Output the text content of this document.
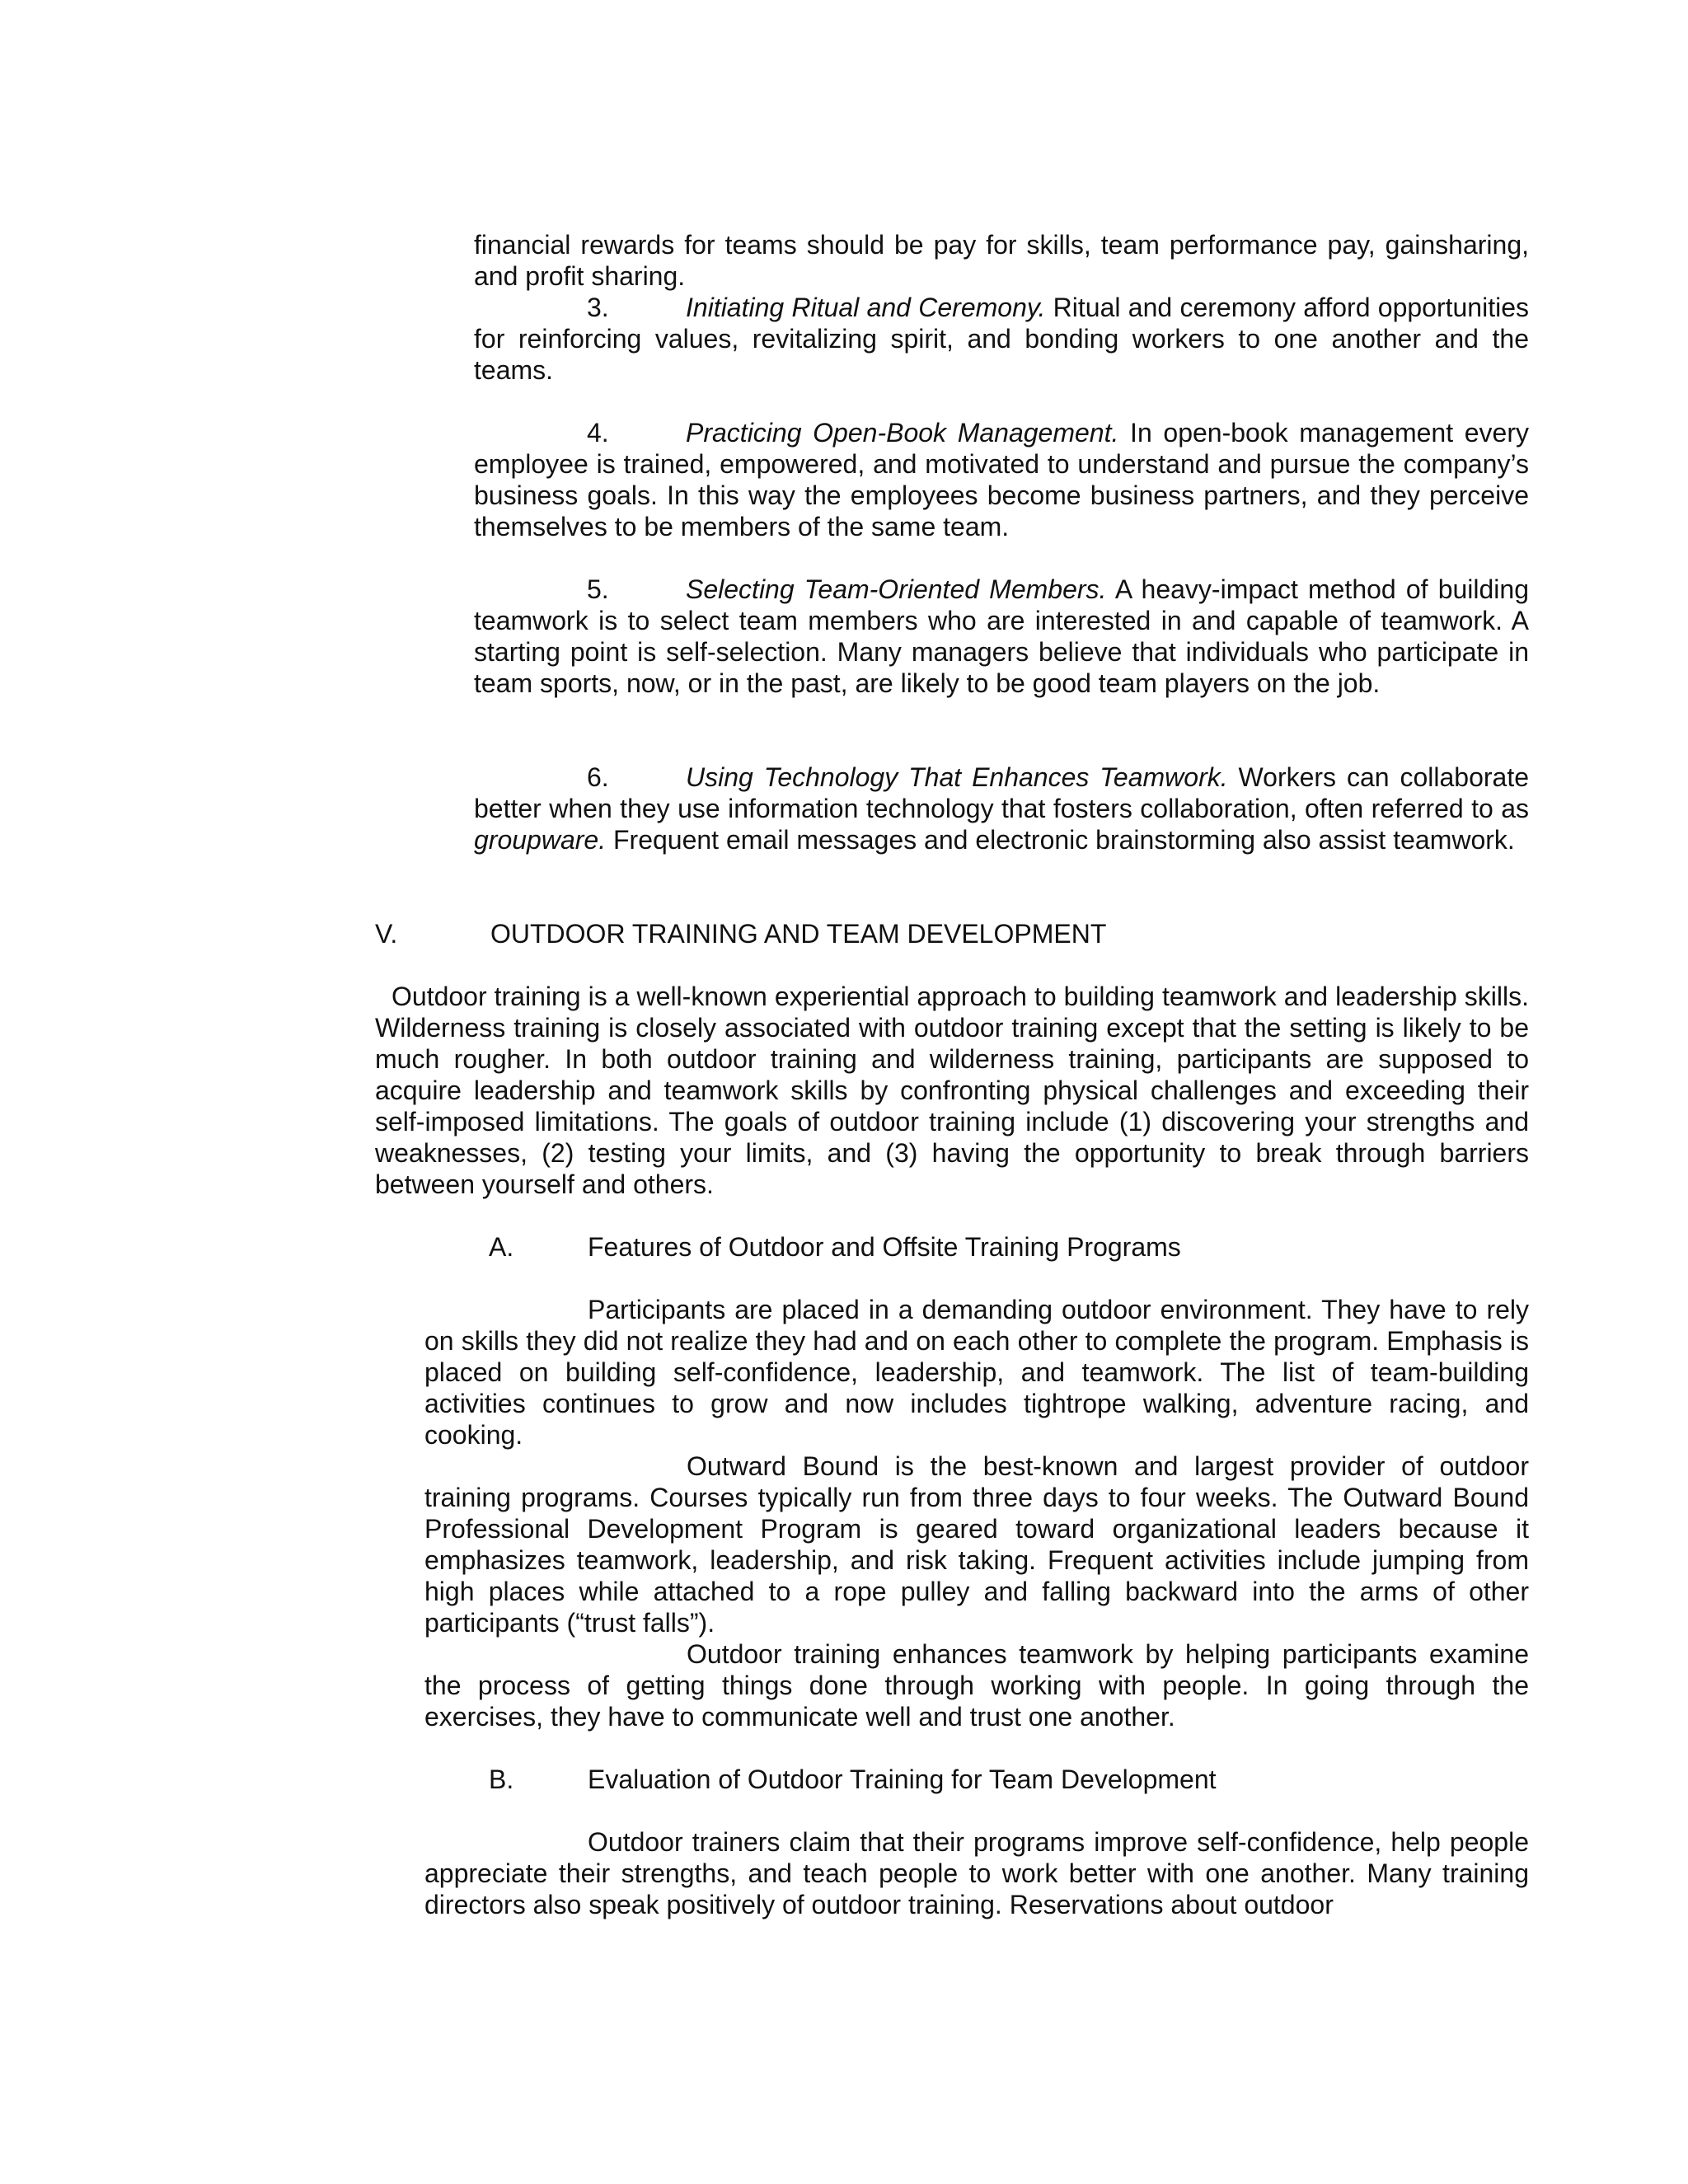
financial rewards for teams should be pay for skills, team performance pay, gainsharing, and profit sharing.

3.	Initiating Ritual and Ceremony. Ritual and ceremony afford opportunities for reinforcing values, revitalizing spirit, and bonding workers to one another and the teams.

4.	Practicing Open-Book Management. In open-book management every employee is trained, empowered, and motivated to understand and pursue the company’s business goals. In this way the employees become business partners, and they perceive themselves to be members of the same team.

5.	Selecting Team-Oriented Members. A heavy-impact method of building teamwork is to select team members who are interested in and capable of teamwork. A starting point is self-selection. Many managers believe that individuals who participate in team sports, now, or in the past, are likely to be good team players on the job.

6.	Using Technology That Enhances Teamwork. Workers can collaborate better when they use information technology that fosters collaboration, often referred to as groupware. Frequent email messages and electronic brainstorming also assist teamwork.

V.	OUTDOOR TRAINING AND TEAM DEVELOPMENT

Outdoor training is a well-known experiential approach to building teamwork and leadership skills. Wilderness training is closely associated with outdoor training except that the setting is likely to be much rougher. In both outdoor training and wilderness training, participants are supposed to acquire leadership and teamwork skills by confronting physical challenges and exceeding their self-imposed limitations. The goals of outdoor training include (1) discovering your strengths and weaknesses, (2) testing your limits, and (3) having the opportunity to break through barriers between yourself and others.

A.	Features of Outdoor and Offsite Training Programs

Participants are placed in a demanding outdoor environment. They have to rely on skills they did not realize they had and on each other to complete the program. Emphasis is placed on building self-confidence, leadership, and teamwork. The list of team-building activities continues to grow and now includes tightrope walking, adventure racing, and cooking.

Outward Bound is the best-known and largest provider of outdoor training programs. Courses typically run from three days to four weeks. The Outward Bound Professional Development Program is geared toward organizational leaders because it emphasizes teamwork, leadership, and risk taking. Frequent activities include jumping from high places while attached to a rope pulley and falling backward into the arms of other participants (“trust falls”).

Outdoor training enhances teamwork by helping participants examine the process of getting things done through working with people. In going through the exercises, they have to communicate well and trust one another.

B.	Evaluation of Outdoor Training for Team Development

Outdoor trainers claim that their programs improve self-confidence, help people appreciate their strengths, and teach people to work better with one another. Many training directors also speak positively of outdoor training. Reservations about outdoor
